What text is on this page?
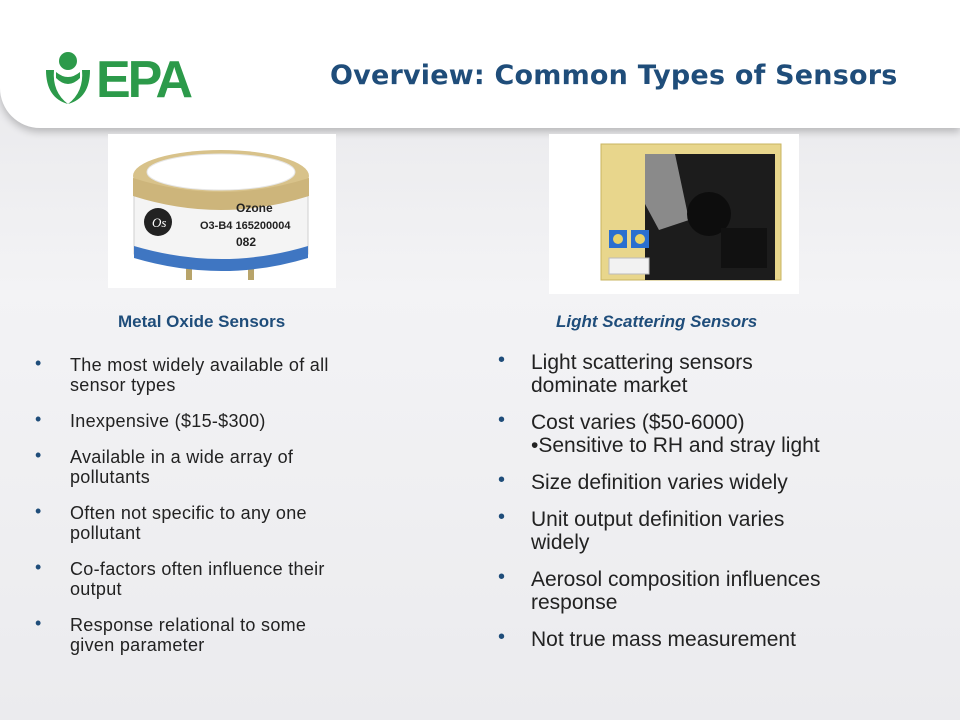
EPA	Overview: Common Types of Sensors
Os
Ozone
O3-B4 165200004
082
Metal Oxide Sensors	Light Scattering Sensors
• The most widely available of all
sensor types
• Inexpensive ($15-$300)
• Available in a wide array of
pollutants
• Often not specific to any one
pollutant
• Co-factors often influence their
output
• Response relational to some
given parameter
• Light scattering sensors
dominate market
• Cost varies ($50-6000)
•Sensitive to RH and stray light
• Size definition varies widely
• Unit output definition varies
widely
• Aerosol composition influences
response
• Not true mass measurement
